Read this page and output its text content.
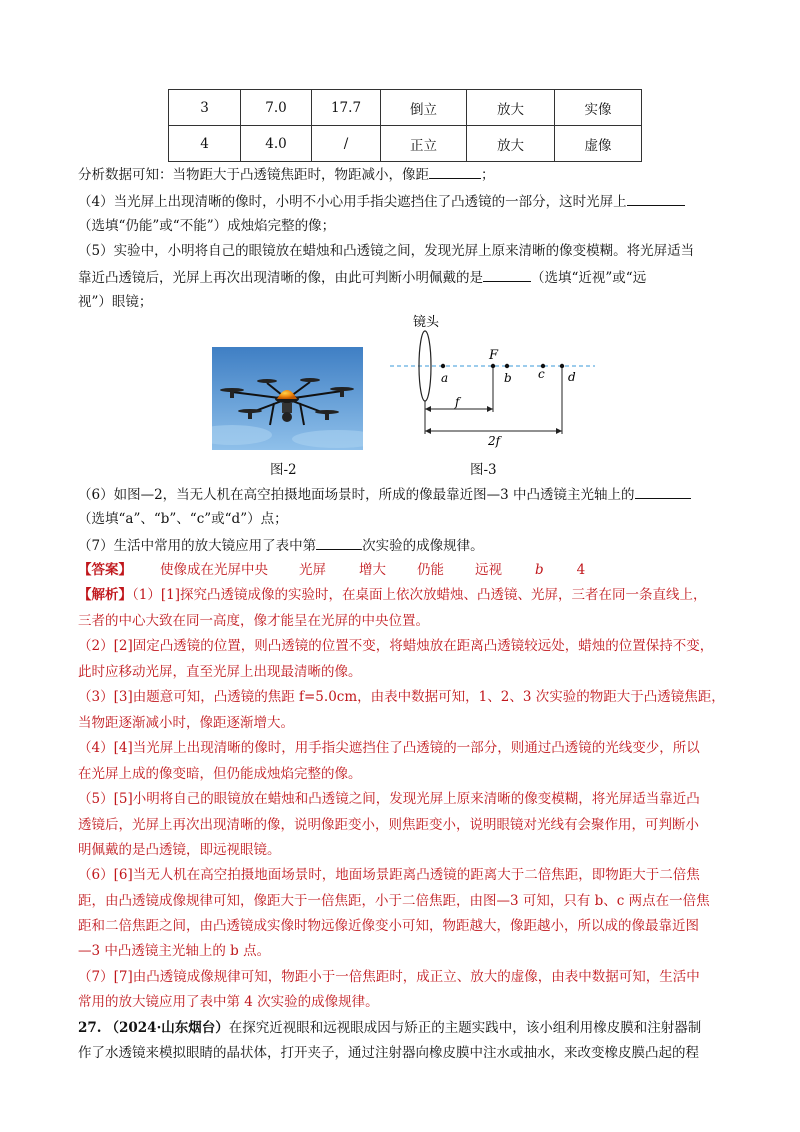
3	7.0	17.7	倒立	放大	实像
4	4.0	/	正立	放大	虚像
分析数据可知：当物距大于凸透镜焦距时，物距减小，像距	；
（4）当光屏上出现清晰的像时，小明不小心用手指尖遮挡住了凸透镜的一部分，这时光屏上
（选填“仍能”或“不能”）成烛焰完整的像；
（5）实验中，小明将自己的眼镜放在蜡烛和凸透镜之间，发现光屏上原来清晰的像变模糊。将光屏适当
靠近凸透镜后，光屏上再次出现清晰的像，由此可判断小明佩戴的是	（选填“近视”或“远
视”）眼镜；
镜头
F
a	b c d
f
2f
图-2	图-3
（6）如图—2，当无人机在高空拍摄地面场景时，所成的像最靠近图—3 中凸透镜主光轴上的
（选填“a”、“b”、“c”或“d”）点；
（7）生活中常用的放大镜应用了表中第	次实验的成像规律。
【答案】 使像成在光屏中央 光屏 增大 仍能 远视 b 4
【解析】（1）[1]探究凸透镜成像的实验时，在桌面上依次放蜡烛、凸透镜、光屏，三者在同一条直线上，
三者的中心大致在同一高度，像才能呈在光屏的中央位置。
（2）[2]固定凸透镜的位置，则凸透镜的位置不变，将蜡烛放在距离凸透镜较远处，蜡烛的位置保持不变，
此时应移动光屏，直至光屏上出现最清晰的像。
（3）[3]由题意可知，凸透镜的焦距 f=5.0cm，由表中数据可知，1、2、3 次实验的物距大于凸透镜焦距，
当物距逐渐减小时，像距逐渐增大。
（4）[4]当光屏上出现清晰的像时，用手指尖遮挡住了凸透镜的一部分，则通过凸透镜的光线变少，所以
在光屏上成的像变暗，但仍能成烛焰完整的像。
（5）[5]小明将自己的眼镜放在蜡烛和凸透镜之间，发现光屏上原来清晰的像变模糊，将光屏适当靠近凸
透镜后，光屏上再次出现清晰的像，说明像距变小，则焦距变小，说明眼镜对光线有会聚作用，可判断小
明佩戴的是凸透镜，即远视眼镜。
（6）[6]当无人机在高空拍摄地面场景时，地面场景距离凸透镜的距离大于二倍焦距，即物距大于二倍焦
距，由凸透镜成像规律可知，像距大于一倍焦距，小于二倍焦距，由图—3 可知，只有 b、c 两点在一倍焦
距和二倍焦距之间，由凸透镜成实像时物远像近像变小可知，物距越大，像距越小，所以成的像最靠近图
—3 中凸透镜主光轴上的 b 点。
（7）[7]由凸透镜成像规律可知，物距小于一倍焦距时，成正立、放大的虚像，由表中数据可知，生活中
常用的放大镜应用了表中第 4 次实验的成像规律。
27. （2024·山东烟台）在探究近视眼和远视眼成因与矫正的主题实践中，该小组利用橡皮膜和注射器制
作了水透镜来模拟眼睛的晶状体，打开夹子，通过注射器向橡皮膜中注水或抽水，来改变橡皮膜凸起的程
